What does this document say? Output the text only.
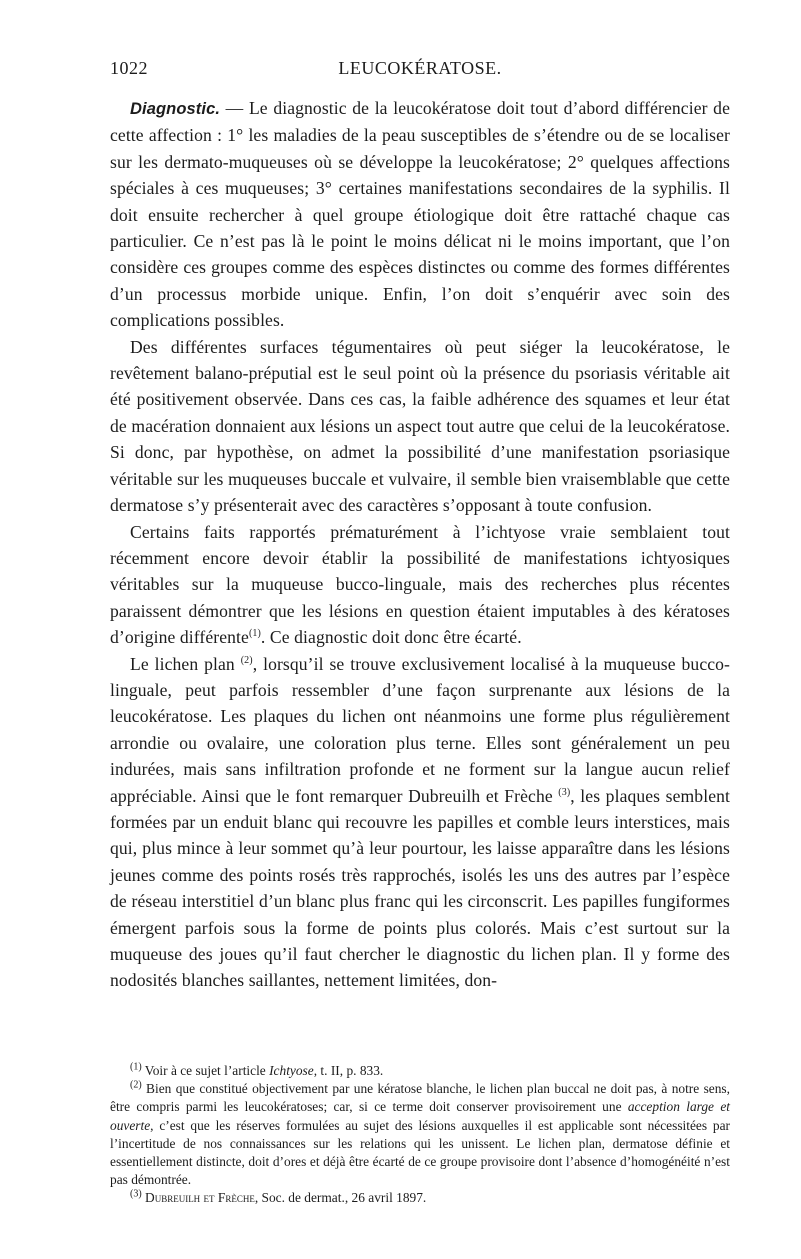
1022	LEUCOKÉRATOSE.

Diagnostic. — Le diagnostic de la leucokératose doit tout d’abord différencier de cette affection : 1° les maladies de la peau susceptibles de s’étendre ou de se localiser sur les dermato-muqueuses où se développe la leucokératose; 2° quelques affections spéciales à ces muqueuses; 3° certaines manifestations secondaires de la syphilis. Il doit ensuite rechercher à quel groupe étiologique doit être rattaché chaque cas particulier. Ce n’est pas là le point le moins délicat ni le moins important, que l’on considère ces groupes comme des espèces distinctes ou comme des formes différentes d’un processus morbide unique. Enfin, l’on doit s’enquérir avec soin des complications possibles.

Des différentes surfaces tégumentaires où peut siéger la leucokératose, le revêtement balano-préputial est le seul point où la présence du psoriasis véritable ait été positivement observée. Dans ces cas, la faible adhérence des squames et leur état de macération donnaient aux lésions un aspect tout autre que celui de la leucokératose. Si donc, par hypothèse, on admet la possibilité d’une manifestation psoriasique véritable sur les muqueuses buccale et vulvaire, il semble bien vraisemblable que cette dermatose s’y présenterait avec des caractères s’opposant à toute confusion.

Certains faits rapportés prématurément à l’ichtyose vraie semblaient tout récemment encore devoir établir la possibilité de manifestations ichtyosiques véritables sur la muqueuse bucco-linguale, mais des recherches plus récentes paraissent démontrer que les lésions en question étaient imputables à des kératoses d’origine différente$^{(1)}$. Ce diagnostic doit donc être écarté.

Le lichen plan $^{(2)}$, lorsqu’il se trouve exclusivement localisé à la muqueuse bucco-linguale, peut parfois ressembler d’une façon surprenante aux lésions de la leucokératose. Les plaques du lichen ont néanmoins une forme plus régulièrement arrondie ou ovalaire, une coloration plus terne. Elles sont généralement un peu indurées, mais sans infiltration profonde et ne forment sur la langue aucun relief appréciable. Ainsi que le font remarquer Dubreuilh et Frèche $^{(3)}$, les plaques semblent formées par un enduit blanc qui recouvre les papilles et comble leurs interstices, mais qui, plus mince à leur sommet qu’à leur pourtour, les laisse apparaître dans les lésions jeunes comme des points rosés très rapprochés, isolés les uns des autres par l’espèce de réseau interstitiel d’un blanc plus franc qui les circonscrit. Les papilles fungiformes émergent parfois sous la forme de points plus colorés. Mais c’est surtout sur la muqueuse des joues qu’il faut chercher le diagnostic du lichen plan. Il y forme des nodosités blanches saillantes, nettement limitées, don-

$^{(1)}$ Voir à ce sujet l’article Ichtyose, t. II, p. 833.

$^{(2)}$ Bien que constitué objectivement par une kératose blanche, le lichen plan buccal ne doit pas, à notre sens, être compris parmi les leucokératoses; car, si ce terme doit conserver provisoirement une acception large et ouverte, c’est que les réserves formulées au sujet des lésions auxquelles il est applicable sont nécessitées par l’incertitude de nos connaissances sur les relations qui les unissent. Le lichen plan, dermatose définie et essentiellement distincte, doit d’ores et déjà être écarté de ce groupe provisoire dont l’absence d’homogénéité n’est pas démontrée.

$^{(3)}$ Dubreuilh et Frèche, Soc. de dermat., 26 avril 1897.
